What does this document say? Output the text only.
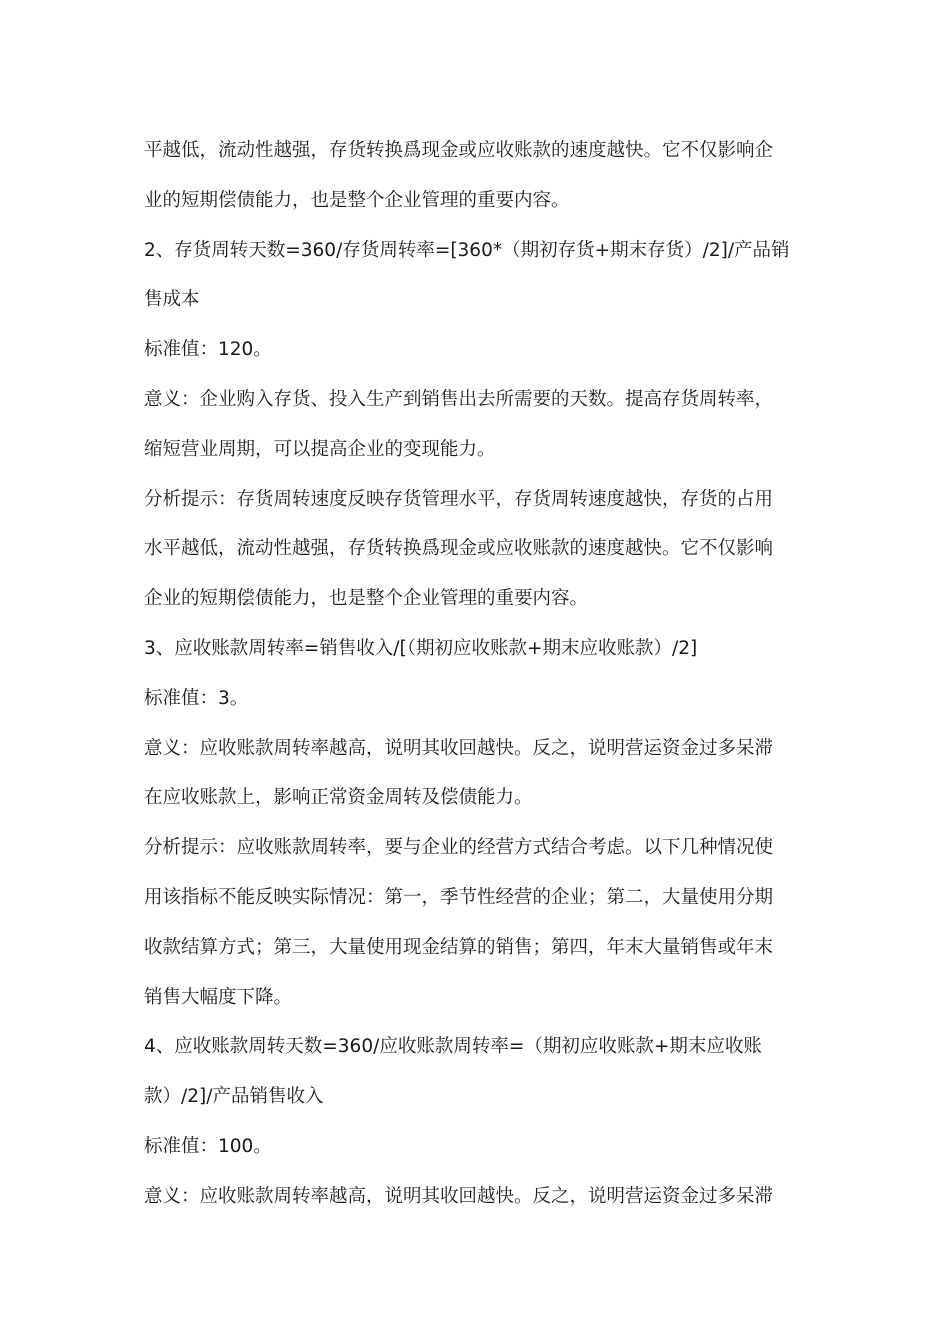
平越低，流动性越强，存货转换爲现金或应收账款的速度越快。它不仅影响企
业的短期偿债能力，也是整个企业管理的重要内容。
2、存货周转天数=360/存货周转率=[360*（期初存货+期末存货）/2]/产品销
售成本
标准值：120。
意义：企业购入存货、投入生产到销售出去所需要的天数。提高存货周转率，
缩短营业周期，可以提高企业的变现能力。
分析提示：存货周转速度反映存货管理水平，存货周转速度越快，存货的占用
水平越低，流动性越强，存货转换爲现金或应收账款的速度越快。它不仅影响
企业的短期偿债能力，也是整个企业管理的重要内容。
3、应收账款周转率=销售收入/[（期初应收账款+期末应收账款）/2]
标准值：3。
意义：应收账款周转率越高，说明其收回越快。反之，说明营运资金过多呆滞
在应收账款上，影响正常资金周转及偿债能力。
分析提示：应收账款周转率，要与企业的经营方式结合考虑。以下几种情况使
用该指标不能反映实际情况：第一，季节性经营的企业；第二，大量使用分期
收款结算方式；第三，大量使用现金结算的销售；第四，年末大量销售或年末
销售大幅度下降。
4、应收账款周转天数=360/应收账款周转率=（期初应收账款+期末应收账
款）/2]/产品销售收入
标准值：100。
意义：应收账款周转率越高，说明其收回越快。反之，说明营运资金过多呆滞
